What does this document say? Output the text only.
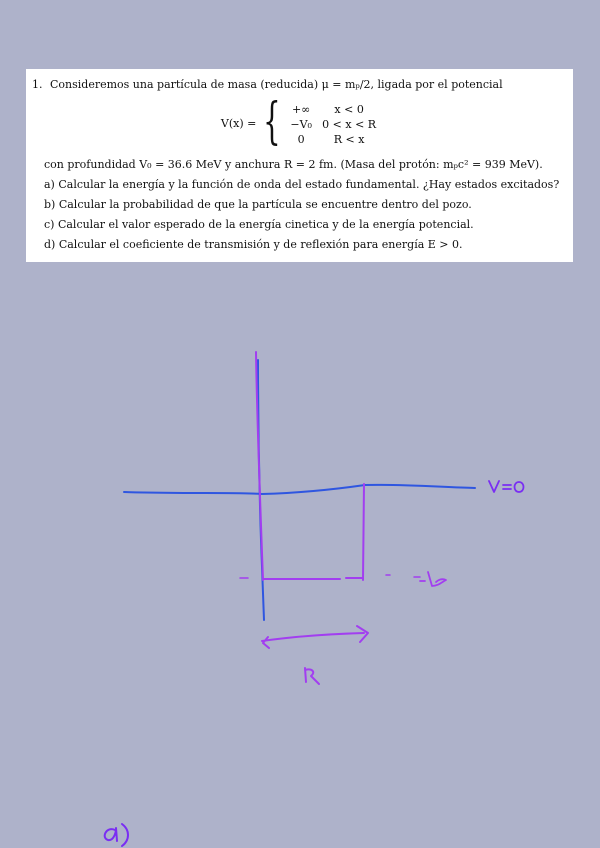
1. Consideremos una partícula de masa (reducida) μ = mₚ/2, ligada por el potencial
V(x) = { +∞	x < 0
−V₀ 0 < x < R
0	R < x
con profundidad V₀ = 36.6 MeV y anchura R = 2 fm. (Masa del protón: mₚc² = 939 MeV).
a) Calcular la energía y la función de onda del estado fundamental. ¿Hay estados excitados?
b) Calcular la probabilidad de que la partícula se encuentre dentro del pozo.
c) Calcular el valor esperado de la energía cinetica y de la energía potencial.
d) Calcular el coeficiente de transmisión y de reflexión para energía E > 0.
